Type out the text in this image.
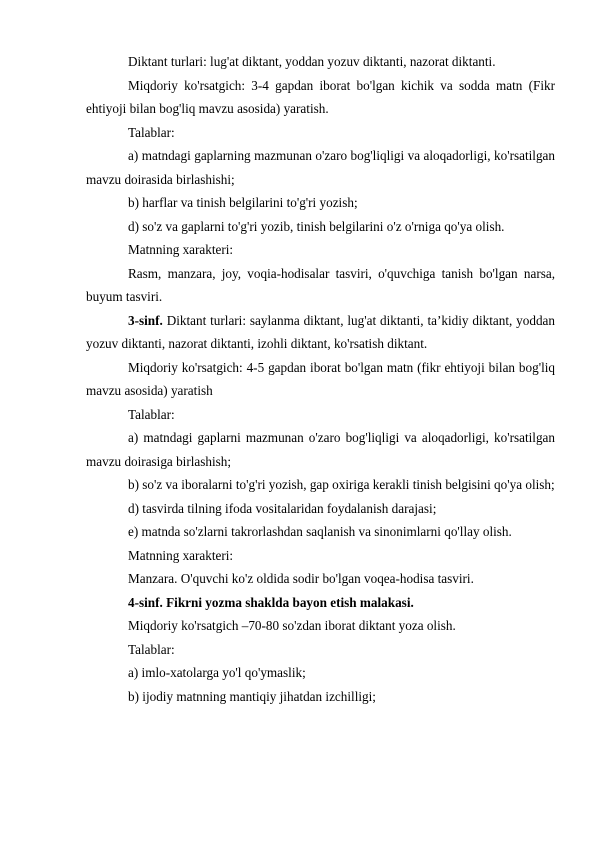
Diktant turlari: lug'at diktant, yoddan yozuv diktanti, nazorat diktanti.

Miqdoriy ko'rsatgich: 3-4 gapdan iborat bo'lgan kichik va sodda matn (Fikr ehtiyoji bilan bog'liq mavzu asosida) yaratish.

Talablar:

a) matndagi gaplarning mazmunan o'zaro bog'liqligi va aloqadorligi, ko'rsatilgan mavzu doirasida birlashishi;

b) harflar va tinish belgilarini to'g'ri yozish;

d) so'z va gaplarni to'g'ri yozib, tinish belgilarini o'z o'rniga qo'ya olish.

Matnning xarakteri:

Rasm, manzara, joy, voqia-hodisalar tasviri, o'quvchiga tanish bo'lgan narsa, buyum tasviri.

3-sinf. Diktant turlari: saylanma diktant, lug'at diktanti, ta’kidiy diktant, yoddan yozuv diktanti, nazorat diktanti, izohli diktant, ko'rsatish diktant.

Miqdoriy ko'rsatgich: 4-5 gapdan iborat bo'lgan matn (fikr ehtiyoji bilan bog'liq mavzu asosida) yaratish

Talablar:

a) matndagi gaplarni mazmunan o'zaro bog'liqligi va aloqadorligi, ko'rsatilgan mavzu doirasiga birlashish;

b) so'z va iboralarni to'g'ri yozish, gap oxiriga kerakli tinish belgisini qo'ya olish;

d) tasvirda tilning ifoda vositalaridan foydalanish darajasi;

e) matnda so'zlarni takrorlashdan saqlanish va sinonimlarni qo'llay olish.

Matnning xarakteri:

Manzara. O'quvchi ko'z oldida sodir bo'lgan voqea-hodisa tasviri.

4-sinf. Fikrni yozma shaklda bayon etish malakasi.

Miqdoriy ko'rsatgich –70-80 so'zdan iborat diktant yoza olish.

Talablar:

a) imlo-xatolarga yo'l qo'ymaslik;

b) ijodiy matnning mantiqiy jihatdan izchilligi;
